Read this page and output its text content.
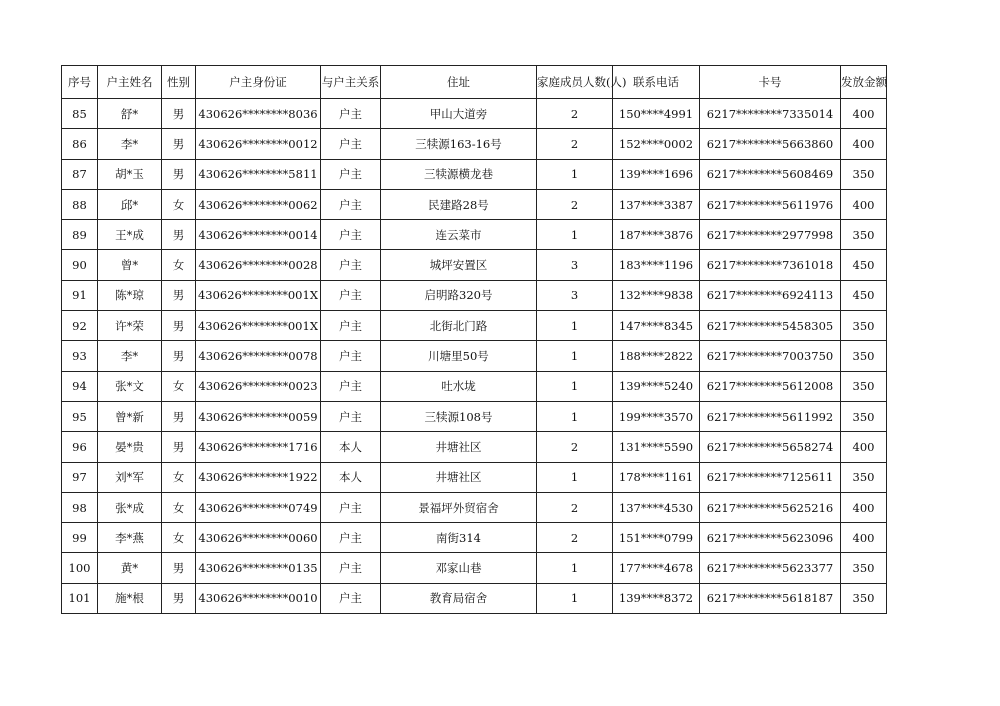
序号	户主姓名	性别	户主身份证	与户主关系	住址	家庭成员人数(人)	联系电话	卡号	发放金额
85	舒*	男	430626********8036	户主	甲山大道旁	2	150****4991	6217********7335014	400
86	李*	男	430626********0012	户主	三犊源163-16号	2	152****0002	6217********5663860	400
87	胡*玉	男	430626********5811	户主	三犊源横龙巷	1	139****1696	6217********5608469	350
88	邱*	女	430626********0062	户主	民建路28号	2	137****3387	6217********5611976	400
89	王*成	男	430626********0014	户主	连云菜市	1	187****3876	6217********2977998	350
90	曾*	女	430626********0028	户主	城坪安置区	3	183****1196	6217********7361018	450
91	陈*琼	男	430626********001X	户主	启明路320号	3	132****9838	6217********6924113	450
92	许*荣	男	430626********001X	户主	北街北门路	1	147****8345	6217********5458305	350
93	李*	男	430626********0078	户主	川塘里50号	1	188****2822	6217********7003750	350
94	张*文	女	430626********0023	户主	吐水垅	1	139****5240	6217********5612008	350
95	曾*新	男	430626********0059	户主	三犊源108号	1	199****3570	6217********5611992	350
96	晏*贵	男	430626********1716	本人	井塘社区	2	131****5590	6217********5658274	400
97	刘*军	女	430626********1922	本人	井塘社区	1	178****1161	6217********7125611	350
98	张*成	女	430626********0749	户主	景福坪外贸宿舍	2	137****4530	6217********5625216	400
99	李*燕	女	430626********0060	户主	南街314	2	151****0799	6217********5623096	400
100	黄*	男	430626********0135	户主	邓家山巷	1	177****4678	6217********5623377	350
101	施*根	男	430626********0010	户主	教育局宿舍	1	139****8372	6217********5618187	350
